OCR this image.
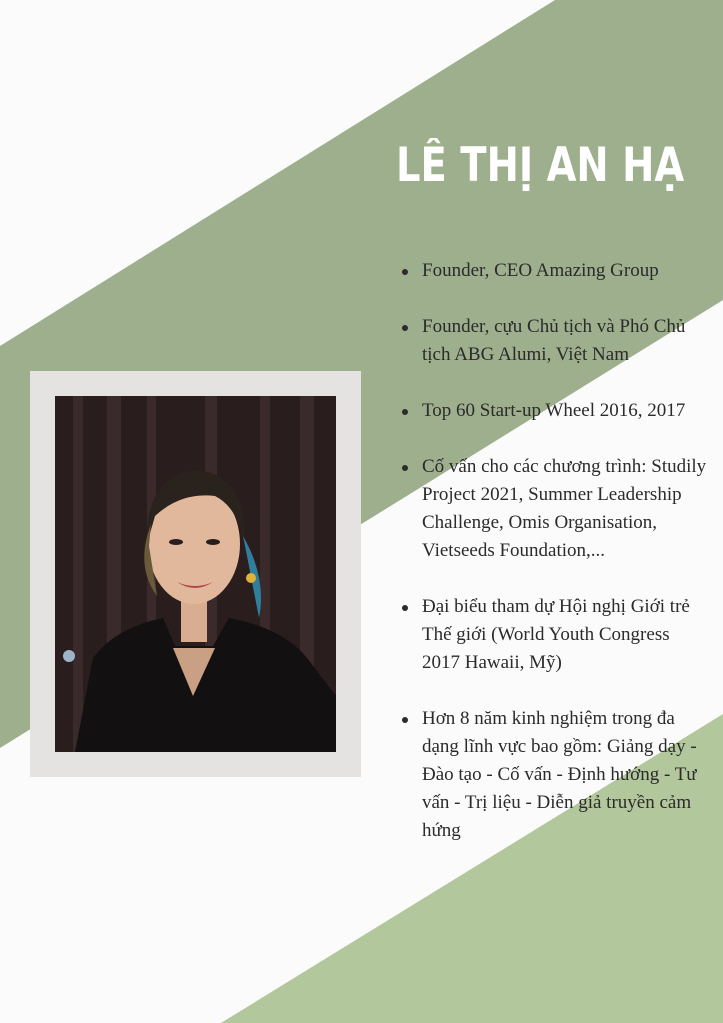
LÊ THỊ AN HẠ
Founder, CEO Amazing Group
Founder, cựu Chủ tịch và Phó Chủ tịch ABG Alumi, Việt Nam
Top 60 Start-up Wheel 2016, 2017
Cố vấn cho các chương trình: Studily Project 2021, Summer Leadership Challenge, Omis Organisation, Vietseeds Foundation,...
Đại biểu tham dự Hội nghị Giới trẻ Thế giới (World Youth Congress 2017 Hawaii, Mỹ)
Hơn 8 năm kinh nghiệm trong đa dạng lĩnh vực bao gồm: Giảng dạy - Đào tạo - Cố vấn - Định hướng - Tư vấn - Trị liệu - Diễn giả truyền cảm hứng
